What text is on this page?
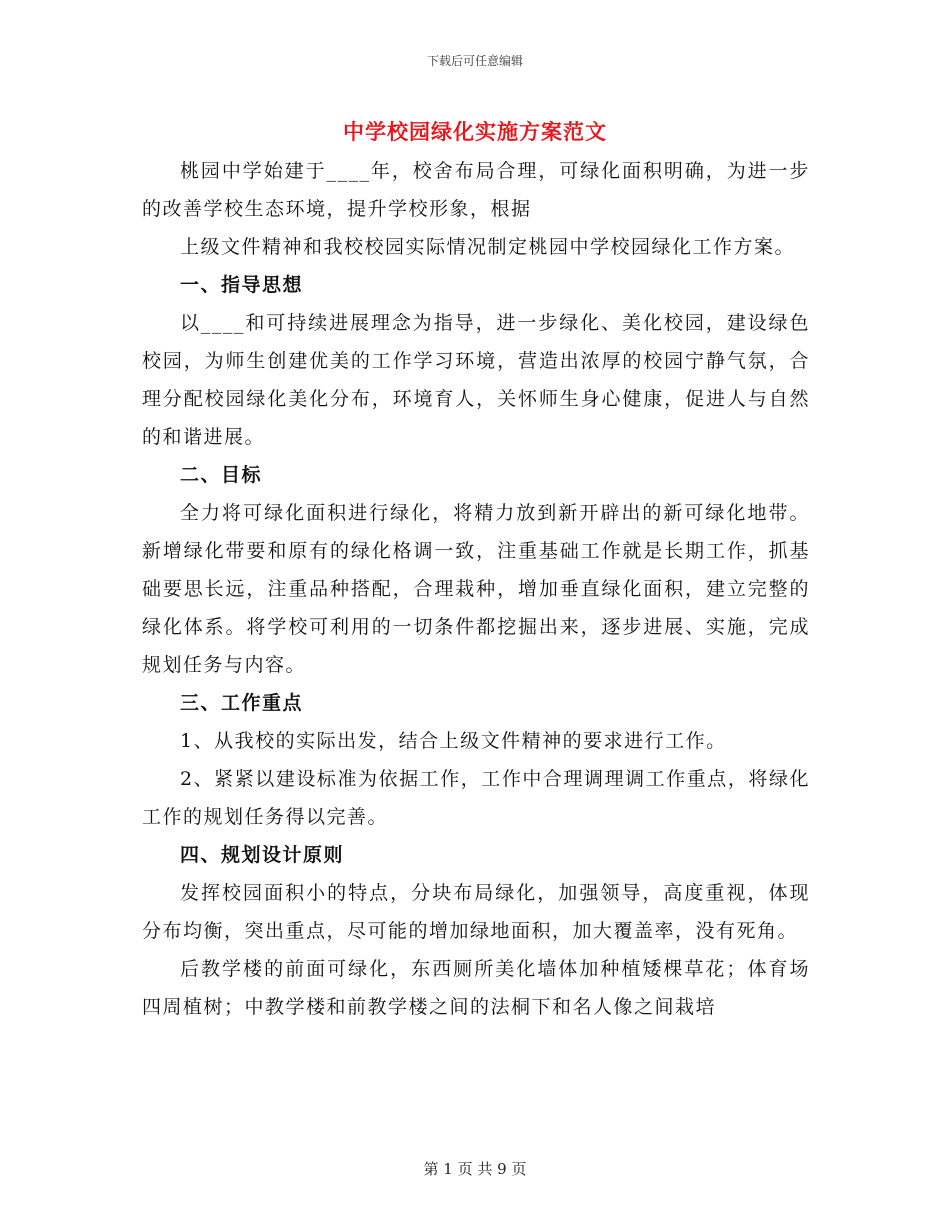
下载后可任意编辑
中学校园绿化实施方案范文

桃园中学始建于____年，校舍布局合理，可绿化面积明确，为进一步的改善学校生态环境，提升学校形象，根据

上级文件精神和我校校园实际情况制定桃园中学校园绿化工作方案。

一、指导思想

以____和可持续进展理念为指导，进一步绿化、美化校园，建设绿色校园，为师生创建优美的工作学习环境，营造出浓厚的校园宁静气氛，合理分配校园绿化美化分布，环境育人，关怀师生身心健康，促进人与自然的和谐进展。

二、目标

全力将可绿化面积进行绿化，将精力放到新开辟出的新可绿化地带。新增绿化带要和原有的绿化格调一致，注重基础工作就是长期工作，抓基础要思长远，注重品种搭配，合理栽种，增加垂直绿化面积，建立完整的绿化体系。将学校可利用的一切条件都挖掘出来，逐步进展、实施，完成规划任务与内容。

三、工作重点

1、从我校的实际出发，结合上级文件精神的要求进行工作。

2、紧紧以建设标准为依据工作，工作中合理调理调工作重点，将绿化工作的规划任务得以完善。

四、规划设计原则

发挥校园面积小的特点，分块布局绿化，加强领导，高度重视，体现分布均衡，突出重点，尽可能的增加绿地面积，加大覆盖率，没有死角。

后教学楼的前面可绿化，东西厕所美化墙体加种植矮棵草花；体育场四周植树；中教学楼和前教学楼之间的法桐下和名人像之间栽培

第 1 页 共 9 页
